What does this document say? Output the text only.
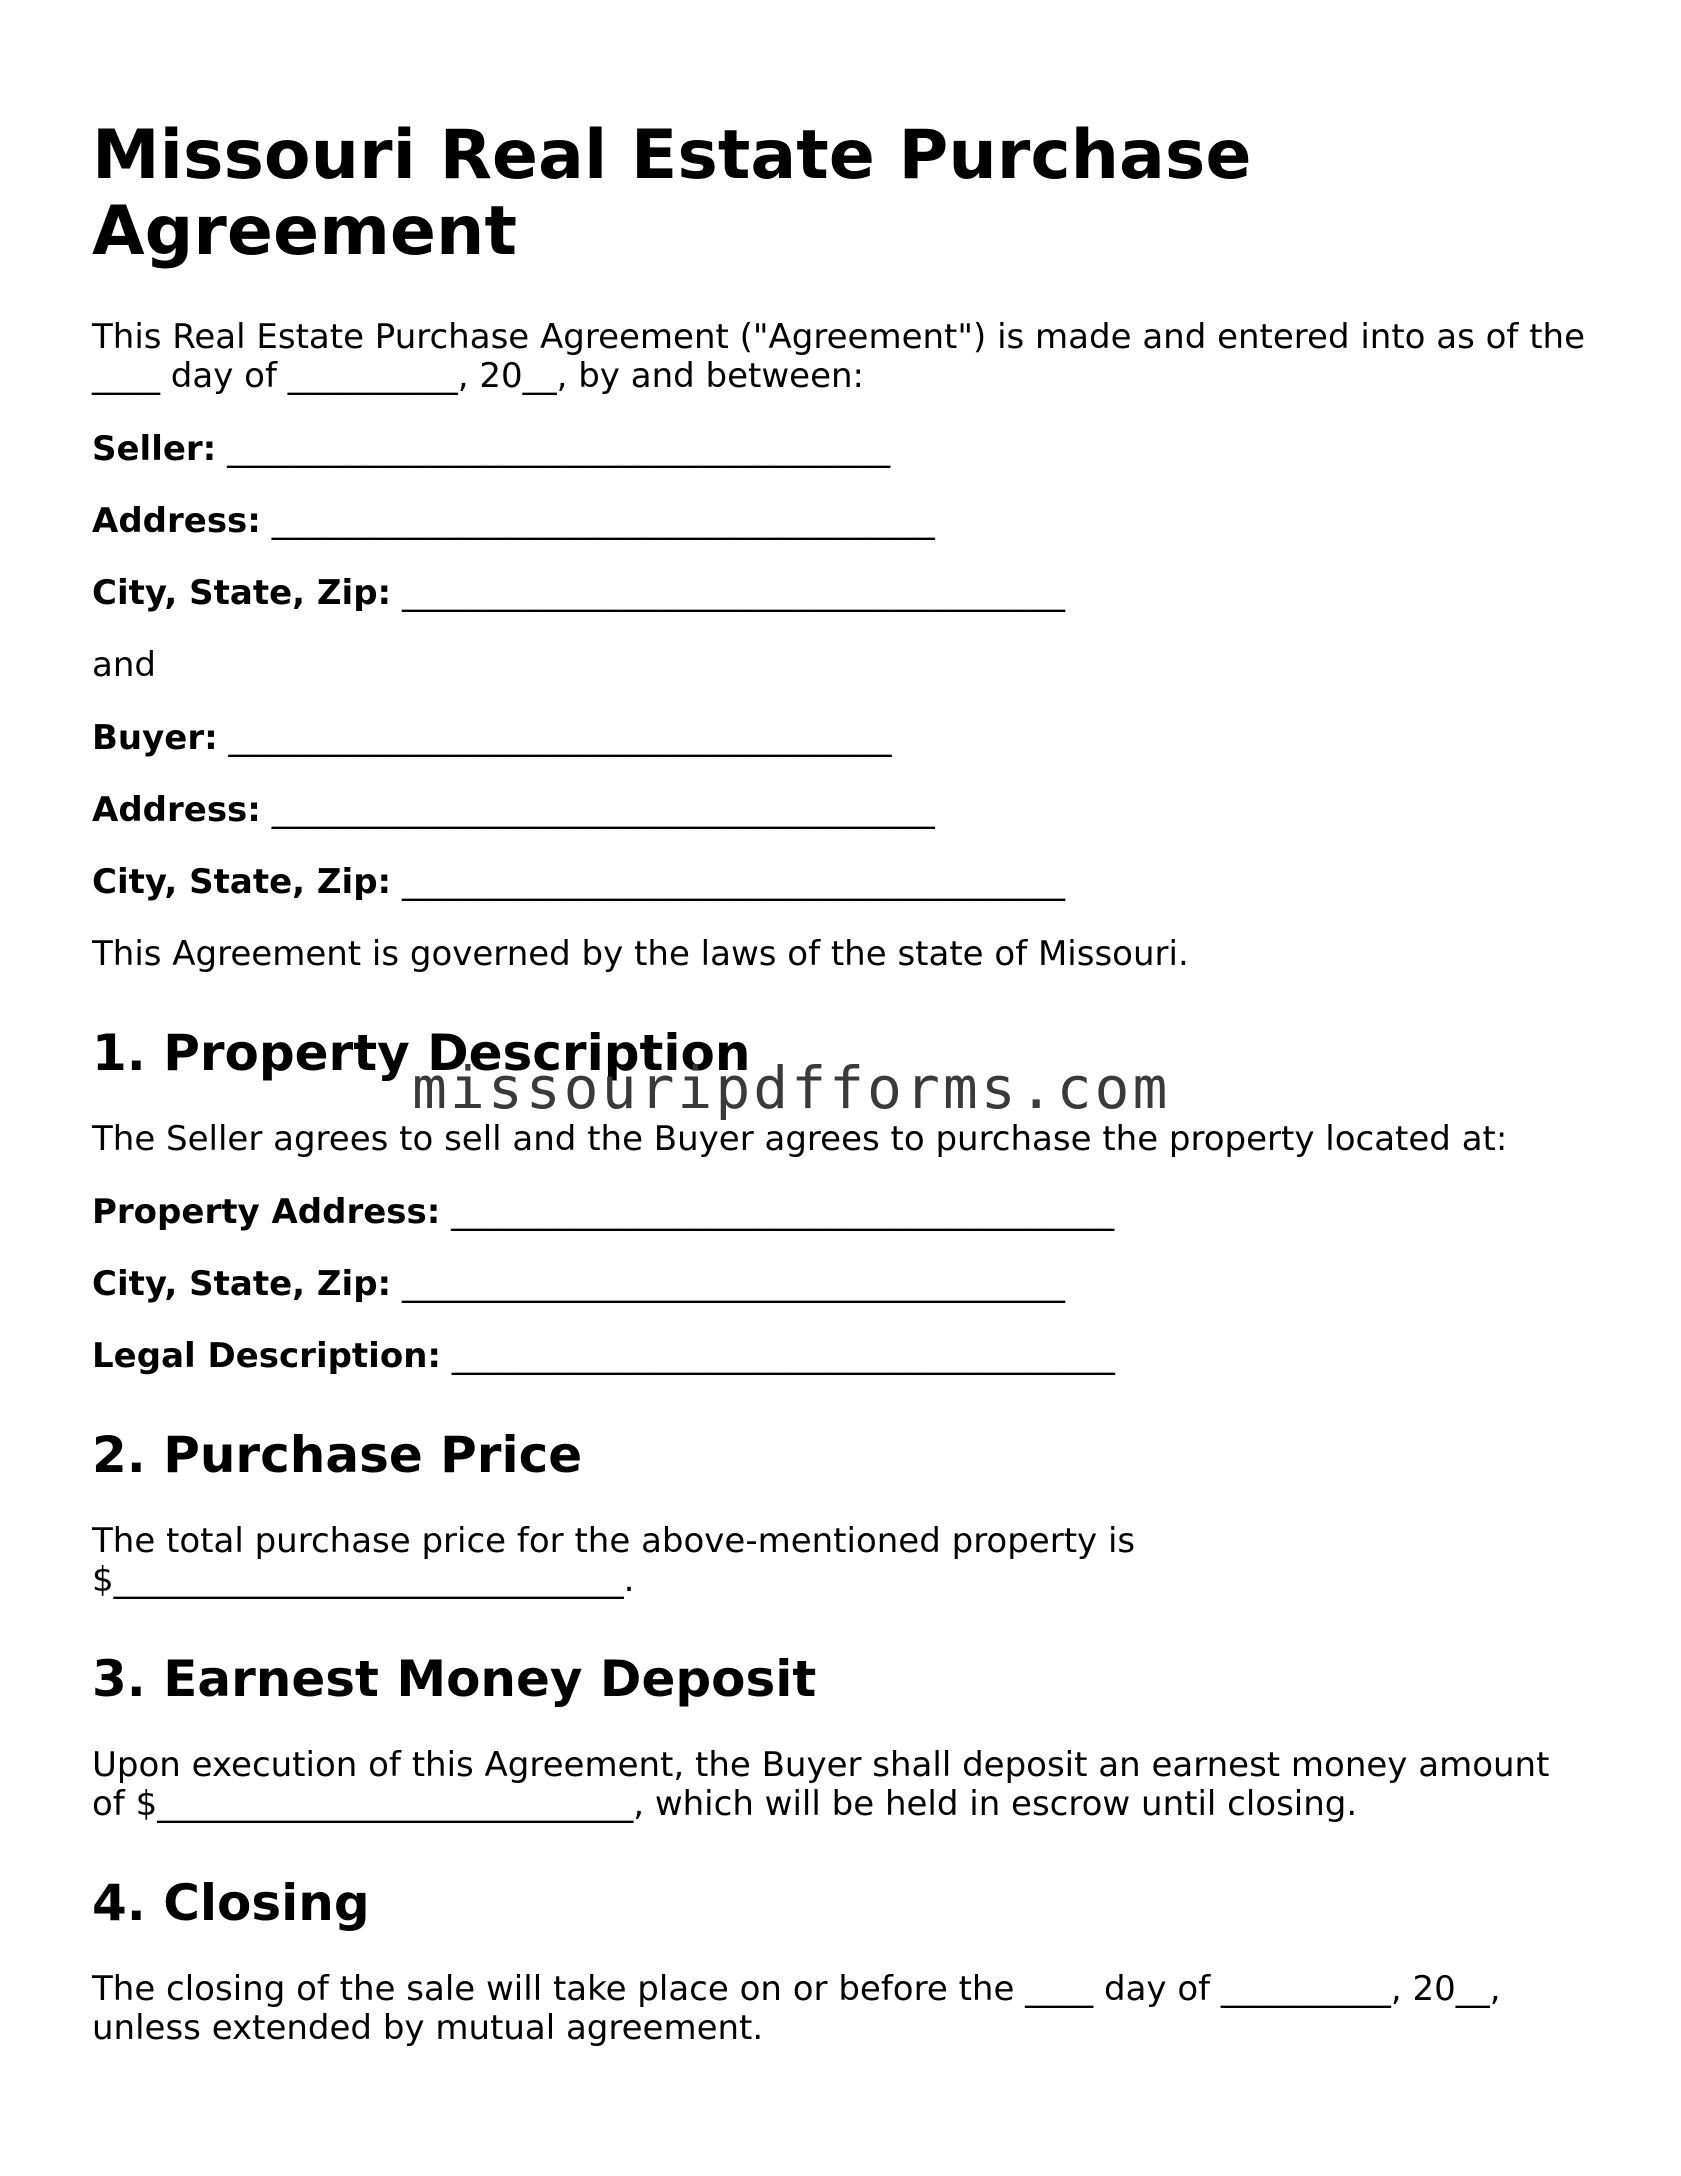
Missouri Real Estate Purchase Agreement

This Real Estate Purchase Agreement ("Agreement") is made and entered into as of the ____ day of __________, 20__, by and between:

Seller: _______________________________________
Address: _______________________________________
City, State, Zip: _______________________________________

and

Buyer: _______________________________________
Address: _______________________________________
City, State, Zip: _______________________________________

This Agreement is governed by the laws of the state of Missouri.

1. Property Description

The Seller agrees to sell and the Buyer agrees to purchase the property located at:

Property Address: _______________________________________
City, State, Zip: _______________________________________
Legal Description: _______________________________________
2. Purchase Price

The total purchase price for the above-mentioned property is $______________________________.

3. Earnest Money Deposit

Upon execution of this Agreement, the Buyer shall deposit an earnest money amount of $____________________________, which will be held in escrow until closing.

4. Closing

The closing of the sale will take place on or before the ____ day of __________, 20__, unless extended by mutual agreement.

missouripdfforms.com
